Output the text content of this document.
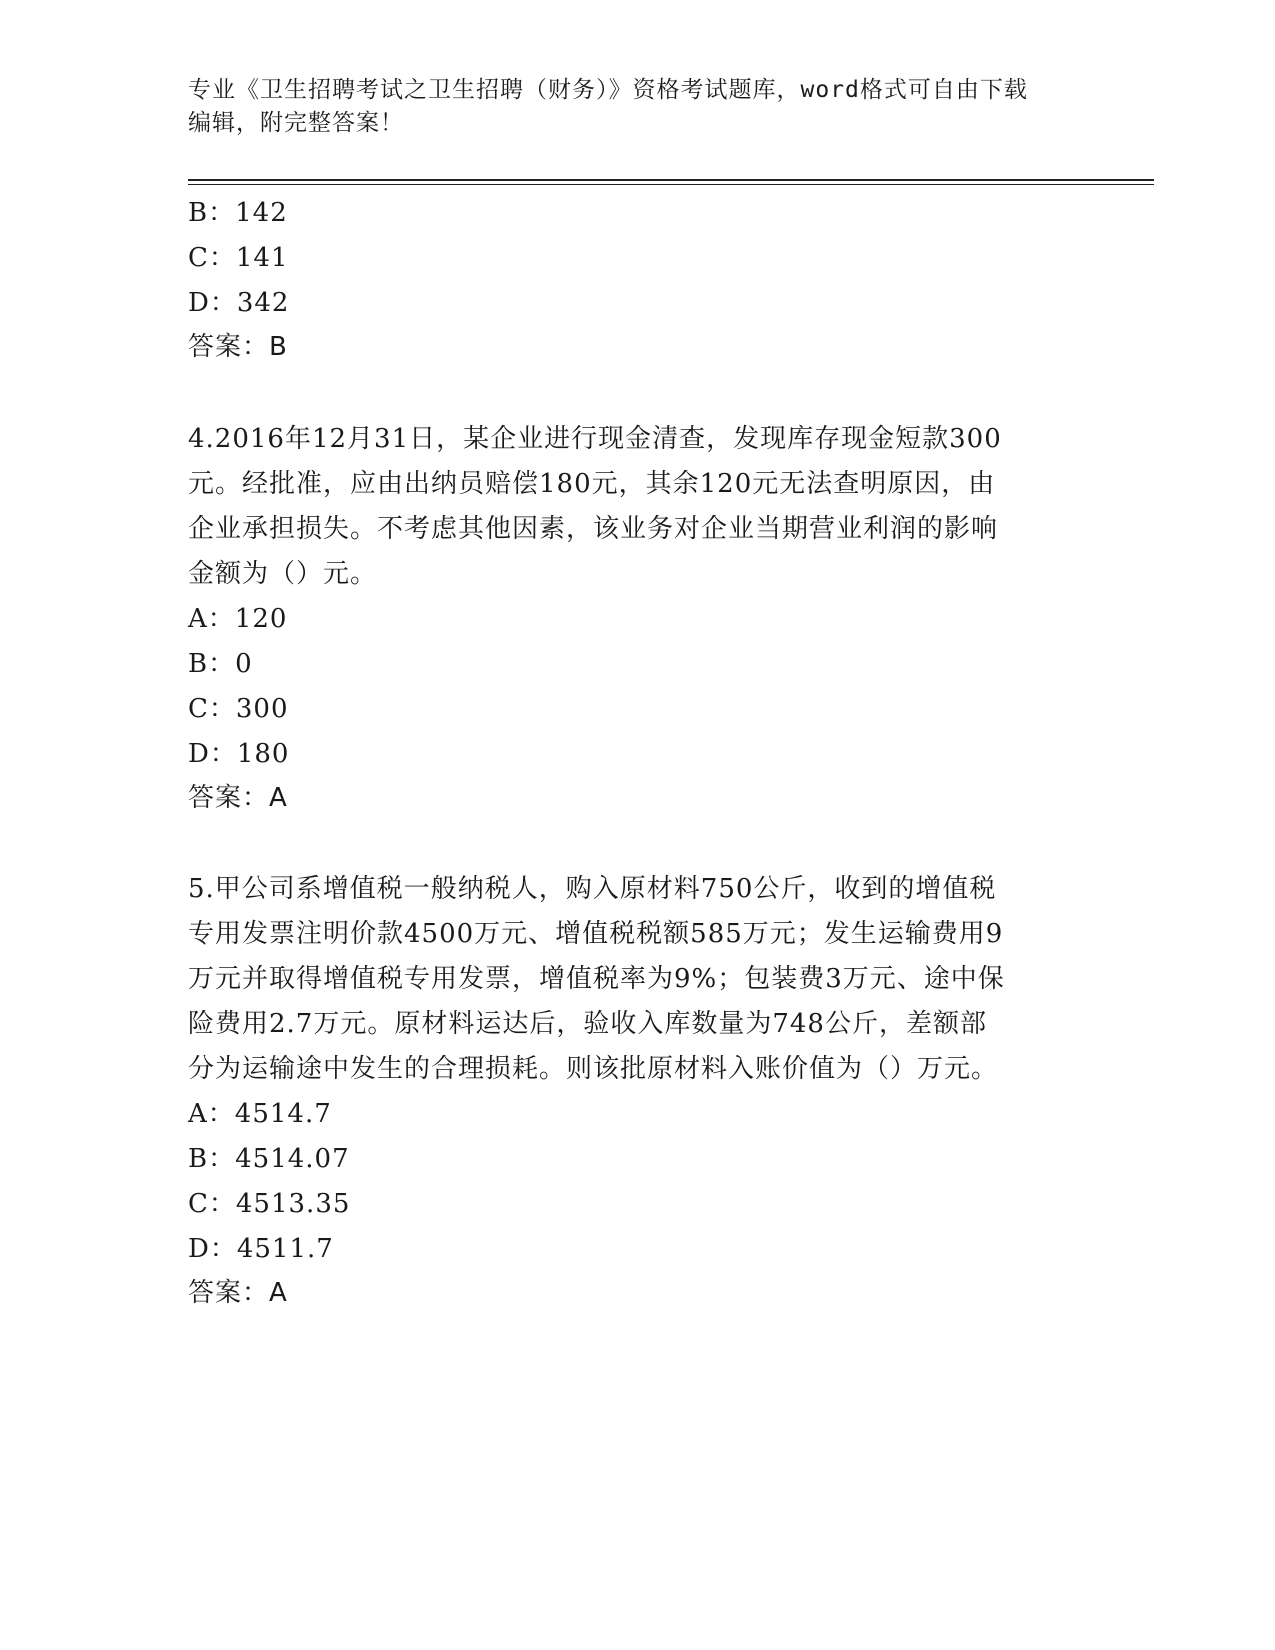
专业《卫生招聘考试之卫生招聘（财务）》资格考试题库，word格式可自由下载
编辑，附完整答案！
B：142
C：141
D：342
答案：B
4.2016年12月31日，某企业进行现金清查，发现库存现金短款300
元。经批准，应由出纳员赔偿180元，其余120元无法查明原因，由
企业承担损失。不考虑其他因素，该业务对企业当期营业利润的影响
金额为（）元。
A：120
B：0
C：300
D：180
答案：A
5.甲公司系增值税一般纳税人，购入原材料750公斤，收到的增值税
专用发票注明价款4500万元、增值税税额585万元；发生运输费用9
万元并取得增值税专用发票，增值税率为9%；包装费3万元、途中保
险费用2.7万元。原材料运达后，验收入库数量为748公斤，差额部
分为运输途中发生的合理损耗。则该批原材料入账价值为（）万元。
A：4514.7
B：4514.07
C：4513.35
D：4511.7
答案：A
